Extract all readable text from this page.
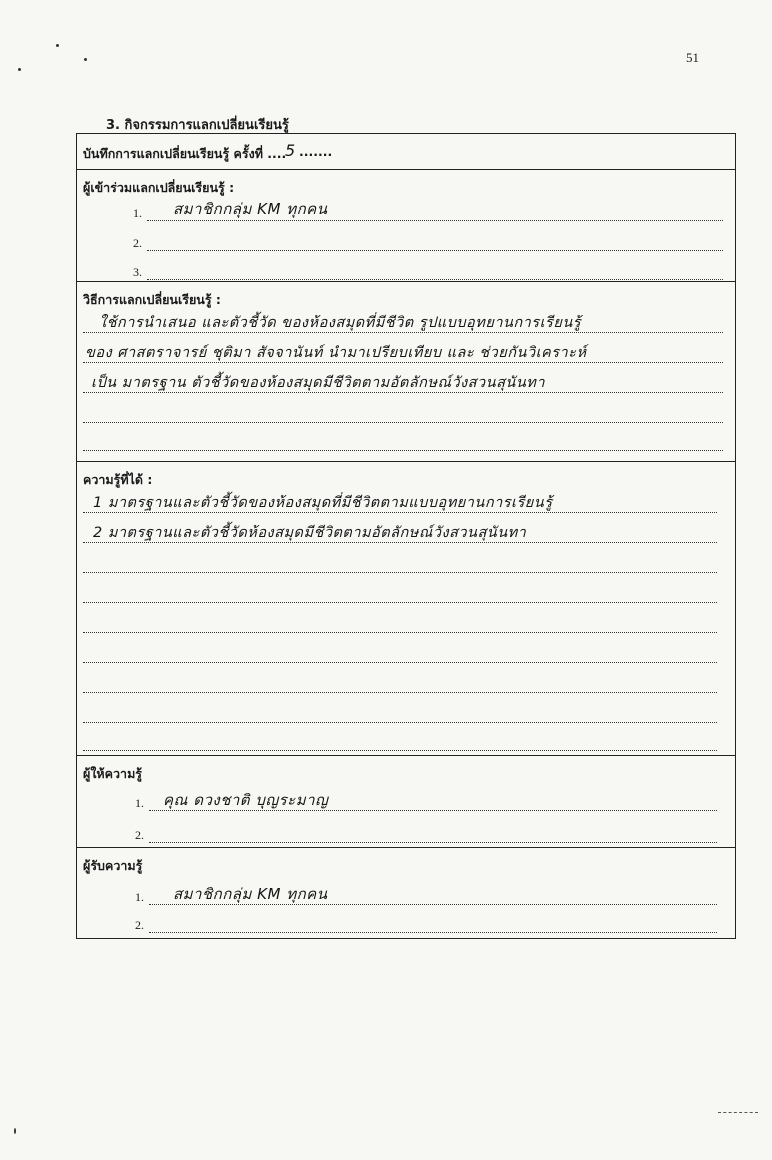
51
3. กิจกรรมการแลกเปลี่ยนเรียนรู้
บันทึกการแลกเปลี่ยนเรียนรู้ ครั้งที่ ....
5 .......
ผู้เข้าร่วมแลกเปลี่ยนเรียนรู้ :
1. สมาชิกกลุ่ม KM ทุกคน
2.
3.
วิธีการแลกเปลี่ยนเรียนรู้ :
ใช้การนำเสนอ และตัวชี้วัด ของห้องสมุดที่มีชีวิต รูปแบบอุทยานการเรียนรู้
ของ ศาสตราจารย์ ชุติมา สัจจานันท์ นำมาเปรียบเทียบ และ ช่วยกันวิเคราะห์
เป็น มาตรฐาน ตัวชี้วัดของห้องสมุดมีชีวิตตามอัตลักษณ์วังสวนสุนันทา
ความรู้ที่ได้ :
1 มาตรฐานและตัวชี้วัดของห้องสมุดที่มีชีวิตตามแบบอุทยานการเรียนรู้
2 มาตรฐานและตัวชี้วัดห้องสมุดมีชีวิตตามอัตลักษณ์วังสวนสุนันทา
ผู้ให้ความรู้
1. คุณ ดวงชาติ บุญระมาญ
2.
ผู้รับความรู้
1. สมาชิกกลุ่ม KM ทุกคน
2.
